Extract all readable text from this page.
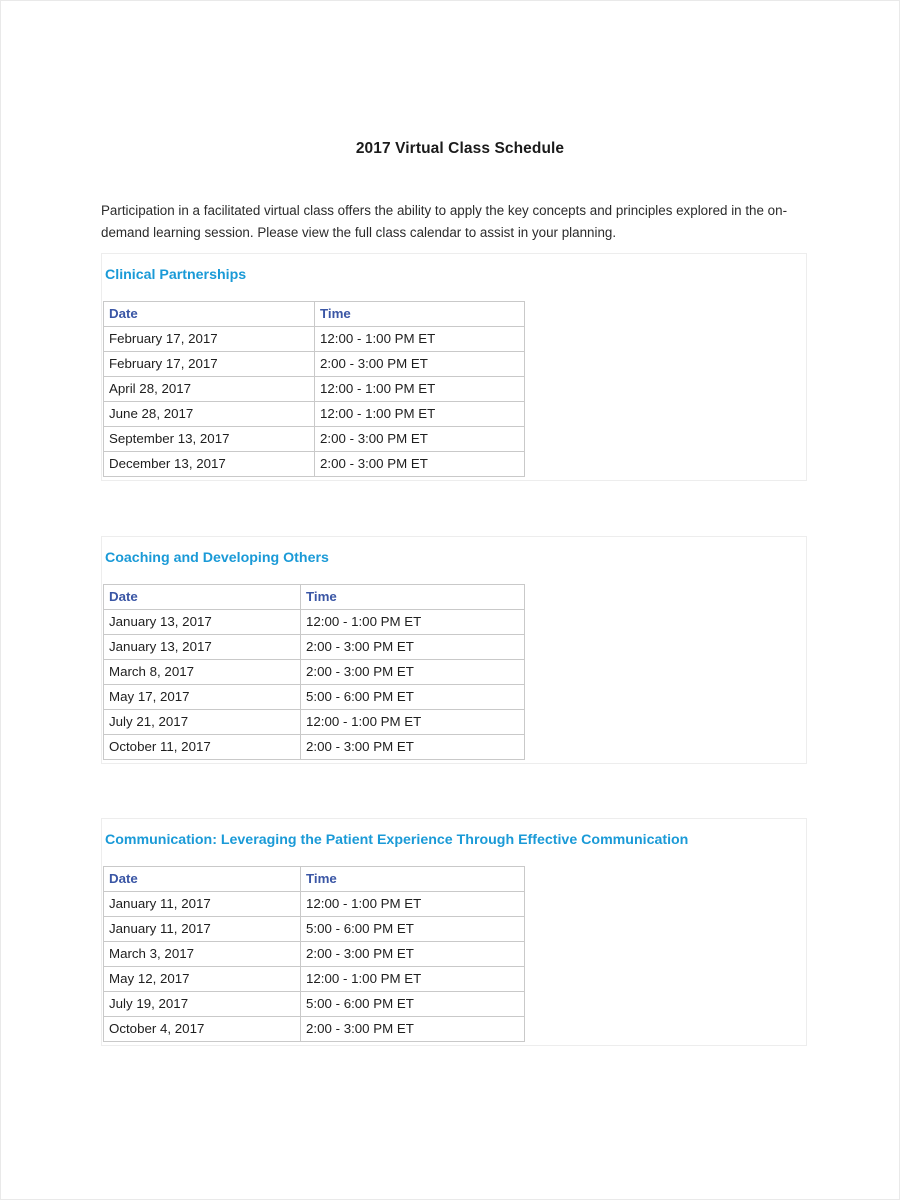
2017 Virtual Class Schedule

Participation in a facilitated virtual class offers the ability to apply the key concepts and principles explored in the on-demand learning session. Please view the full class calendar to assist in your planning.

Clinical Partnerships
Date	Time
February 17, 2017	12:00 - 1:00 PM ET
February 17, 2017	2:00 - 3:00 PM ET
April 28, 2017	12:00 - 1:00 PM ET
June 28, 2017	12:00 - 1:00 PM ET
September 13, 2017	2:00 - 3:00 PM ET
December 13, 2017	2:00 - 3:00 PM ET
Coaching and Developing Others
Date	Time
January 13, 2017	12:00 - 1:00 PM ET
January 13, 2017	2:00 - 3:00 PM ET
March 8, 2017	2:00 - 3:00 PM ET
May 17, 2017	5:00 - 6:00 PM ET
July 21, 2017	12:00 - 1:00 PM ET
October 11, 2017	2:00 - 3:00 PM ET
Communication: Leveraging the Patient Experience Through Effective Communication
Date	Time
January 11, 2017	12:00 - 1:00 PM ET
January 11, 2017	5:00 - 6:00 PM ET
March 3, 2017	2:00 - 3:00 PM ET
May 12, 2017	12:00 - 1:00 PM ET
July 19, 2017	5:00 - 6:00 PM ET
October 4, 2017	2:00 - 3:00 PM ET
